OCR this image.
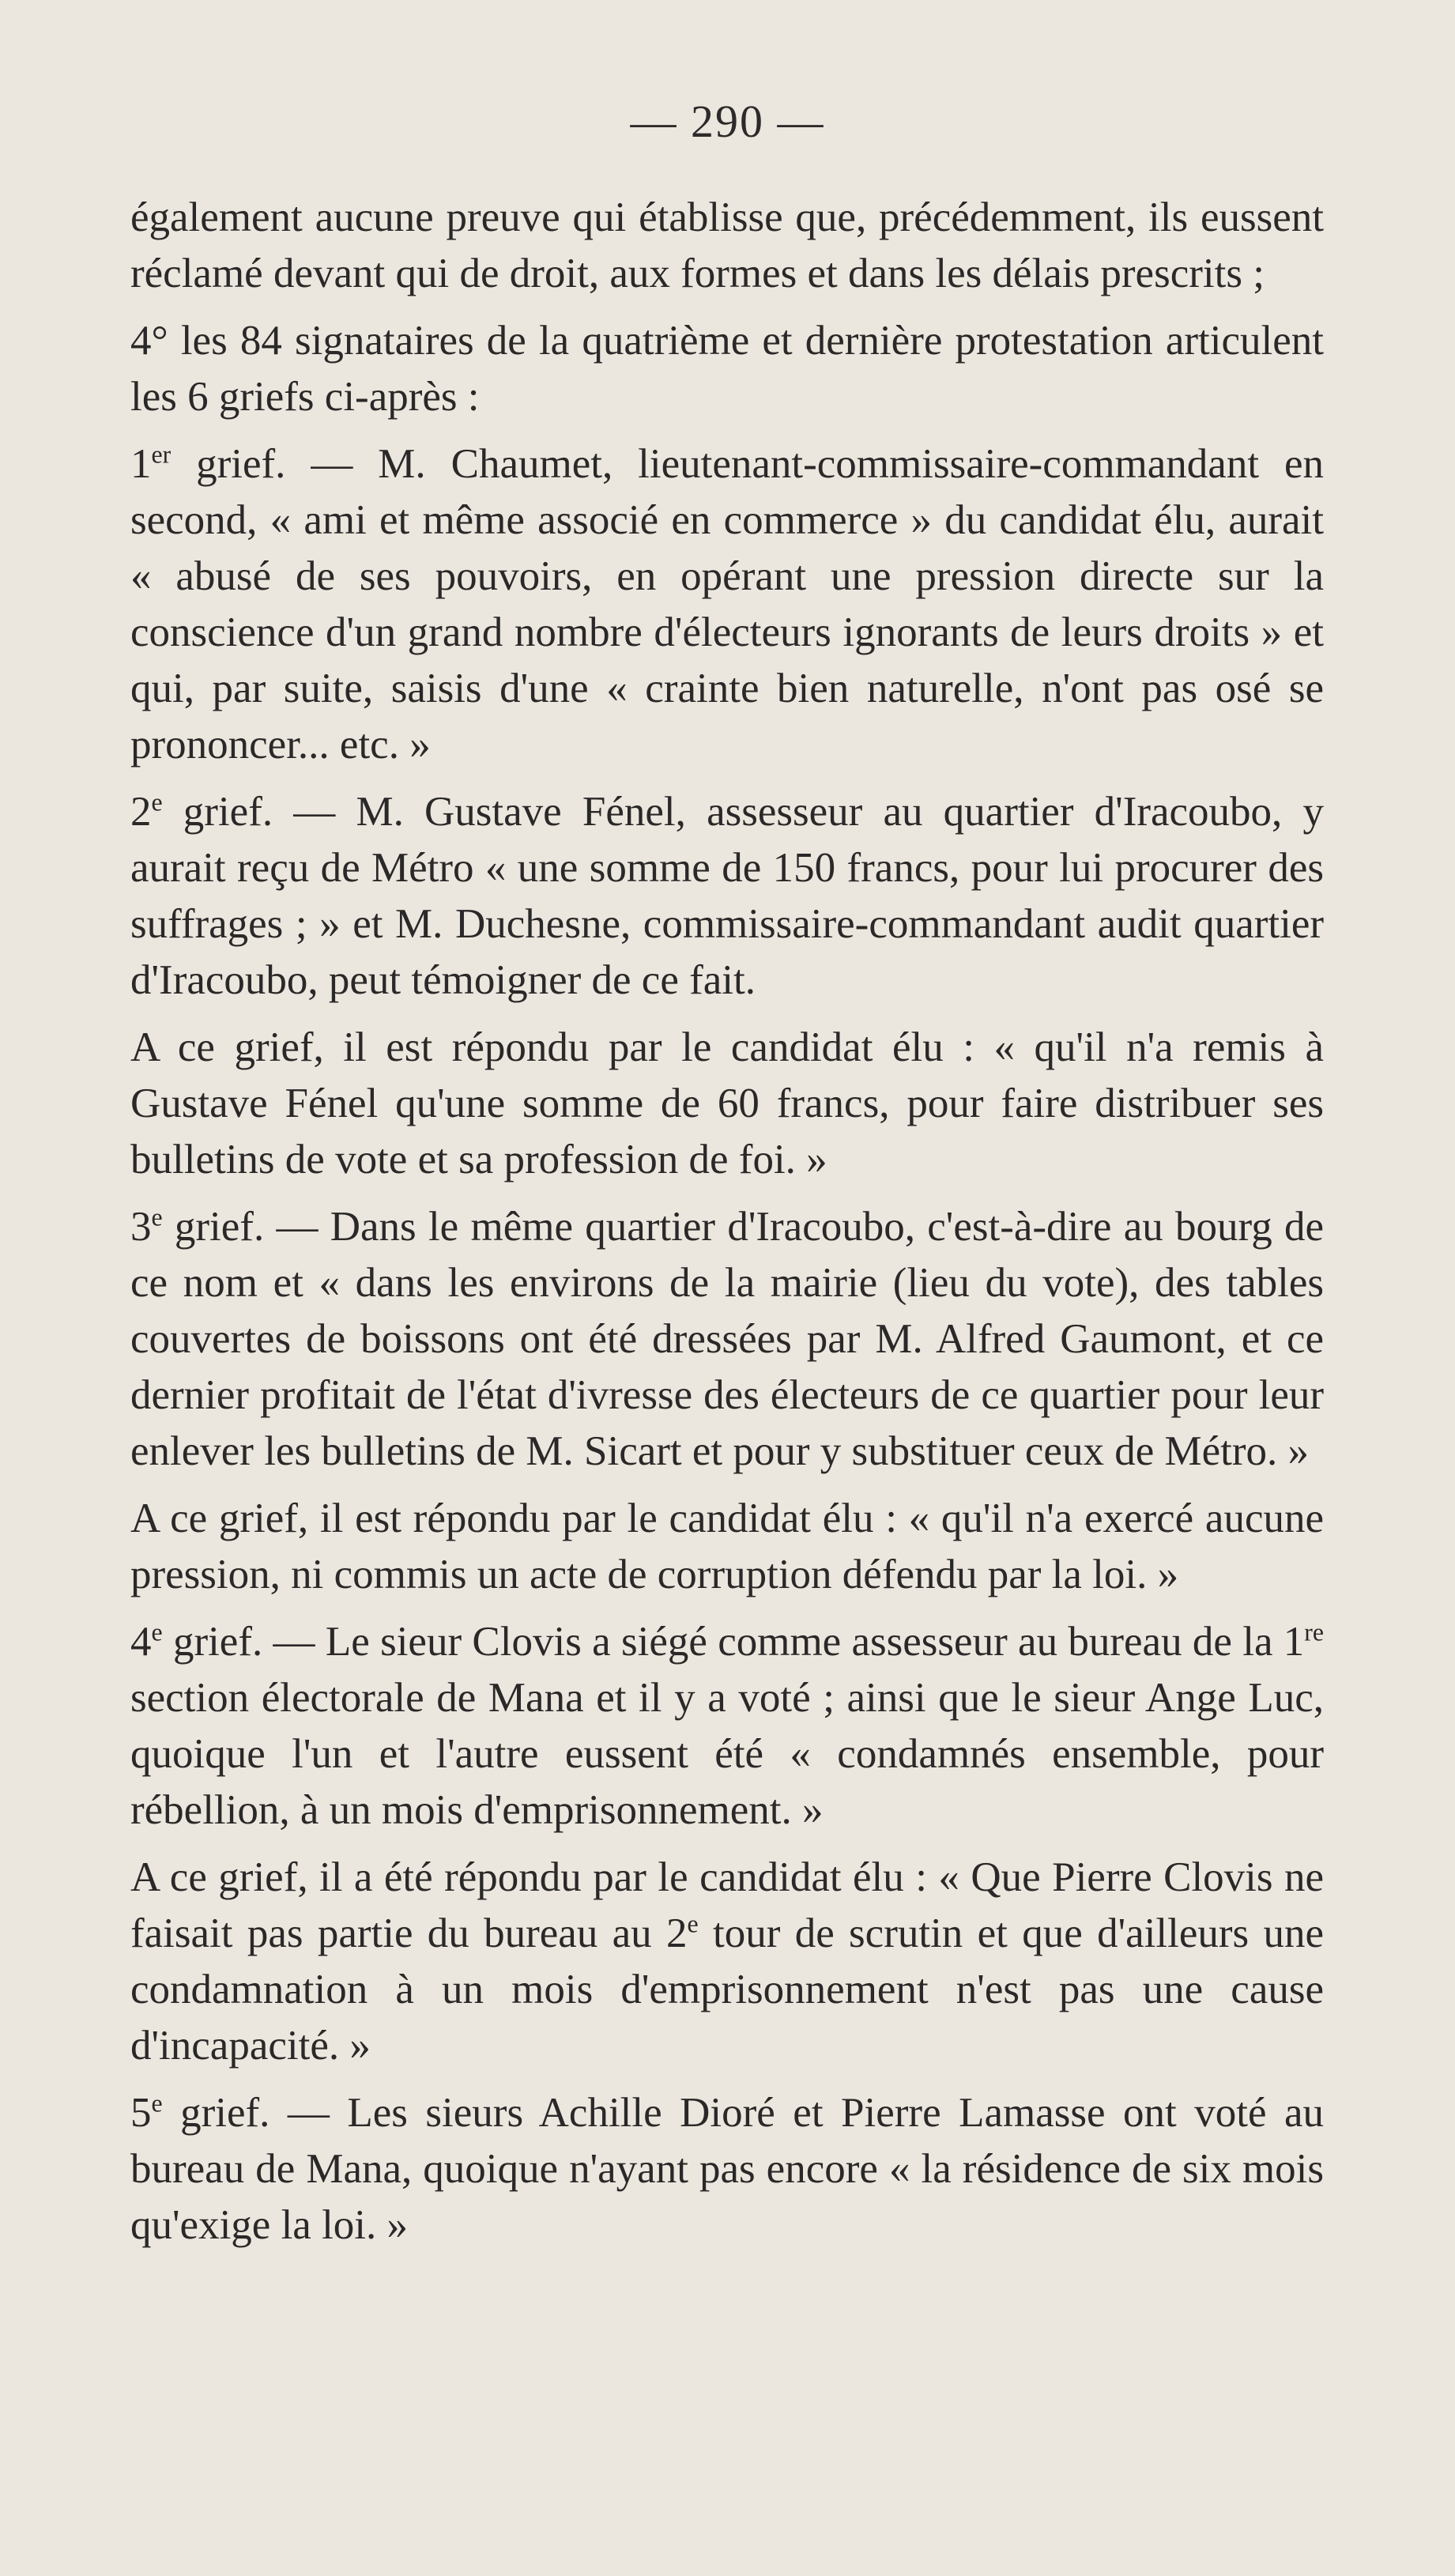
— 290 —

également aucune preuve qui établisse que, précédemment, ils eussent réclamé devant qui de droit, aux formes et dans les délais prescrits ;

4° les 84 signataires de la quatrième et dernière protestation articulent les 6 griefs ci-après :

1er grief. — M. Chaumet, lieutenant-commissaire-commandant en second, « ami et même associé en commerce » du candidat élu, aurait « abusé de ses pouvoirs, en opérant une pression directe sur la conscience d'un grand nombre d'électeurs ignorants de leurs droits » et qui, par suite, saisis d'une « crainte bien naturelle, n'ont pas osé se prononcer... etc. »

2e grief. — M. Gustave Fénel, assesseur au quartier d'Iracoubo, y aurait reçu de Métro « une somme de 150 francs, pour lui procurer des suffrages ; » et M. Duchesne, commissaire-commandant audit quartier d'Iracoubo, peut témoigner de ce fait.

A ce grief, il est répondu par le candidat élu : « qu'il n'a remis à Gustave Fénel qu'une somme de 60 francs, pour faire distribuer ses bulletins de vote et sa profession de foi. »

3e grief. — Dans le même quartier d'Iracoubo, c'est-à-dire au bourg de ce nom et « dans les environs de la mairie (lieu du vote), des tables couvertes de boissons ont été dressées par M. Alfred Gaumont, et ce dernier profitait de l'état d'ivresse des électeurs de ce quartier pour leur enlever les bulletins de M. Sicart et pour y substituer ceux de Métro. »

A ce grief, il est répondu par le candidat élu : « qu'il n'a exercé aucune pression, ni commis un acte de corruption défendu par la loi. »

4e grief. — Le sieur Clovis a siégé comme assesseur au bureau de la 1re section électorale de Mana et il y a voté ; ainsi que le sieur Ange Luc, quoique l'un et l'autre eussent été « condamnés ensemble, pour rébellion, à un mois d'emprisonnement. »

A ce grief, il a été répondu par le candidat élu : « Que Pierre Clovis ne faisait pas partie du bureau au 2e tour de scrutin et que d'ailleurs une condamnation à un mois d'emprisonnement n'est pas une cause d'incapacité. »

5e grief. — Les sieurs Achille Dioré et Pierre Lamasse ont voté au bureau de Mana, quoique n'ayant pas encore « la résidence de six mois qu'exige la loi. »
